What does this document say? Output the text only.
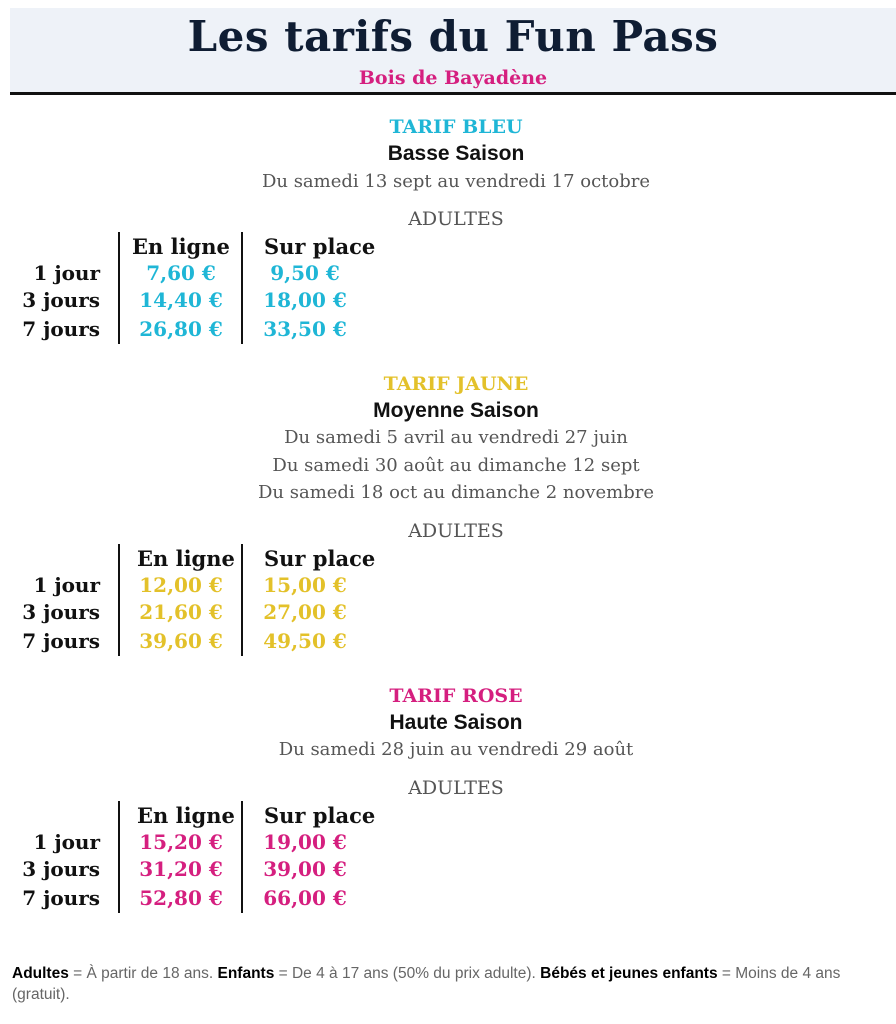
Les tarifs du Fun Pass
Bois de Bayadène
TARIF BLEU
Basse Saison
Du samedi 13 sept au vendredi 17 octobre
ADULTES
En ligne Sur place
1 jour	7,60 €	9,50 €
3 jours	14,40 €	18,00 €
7 jours	26,80 €	33,50 €
TARIF JAUNE
Moyenne Saison
Du samedi 5 avril au vendredi 27 juin
Du samedi 30 août au dimanche 12 sept
Du samedi 18 oct au dimanche 2 novembre
ADULTES
En ligne Sur place
1 jour	12,00 €	15,00 €
3 jours	21,60 €	27,00 €
7 jours	39,60 €	49,50 €
TARIF ROSE
Haute Saison
Du samedi 28 juin au vendredi 29 août
ADULTES
En ligne Sur place
1 jour	15,20 €	19,00 €
3 jours	31,20 €	39,00 €
7 jours	52,80 €	66,00 €
Adultes = À partir de 18 ans. Enfants = De 4 à 17 ans (50% du prix adulte). Bébés et jeunes enfants = Moins de 4 ans (gratuit).
